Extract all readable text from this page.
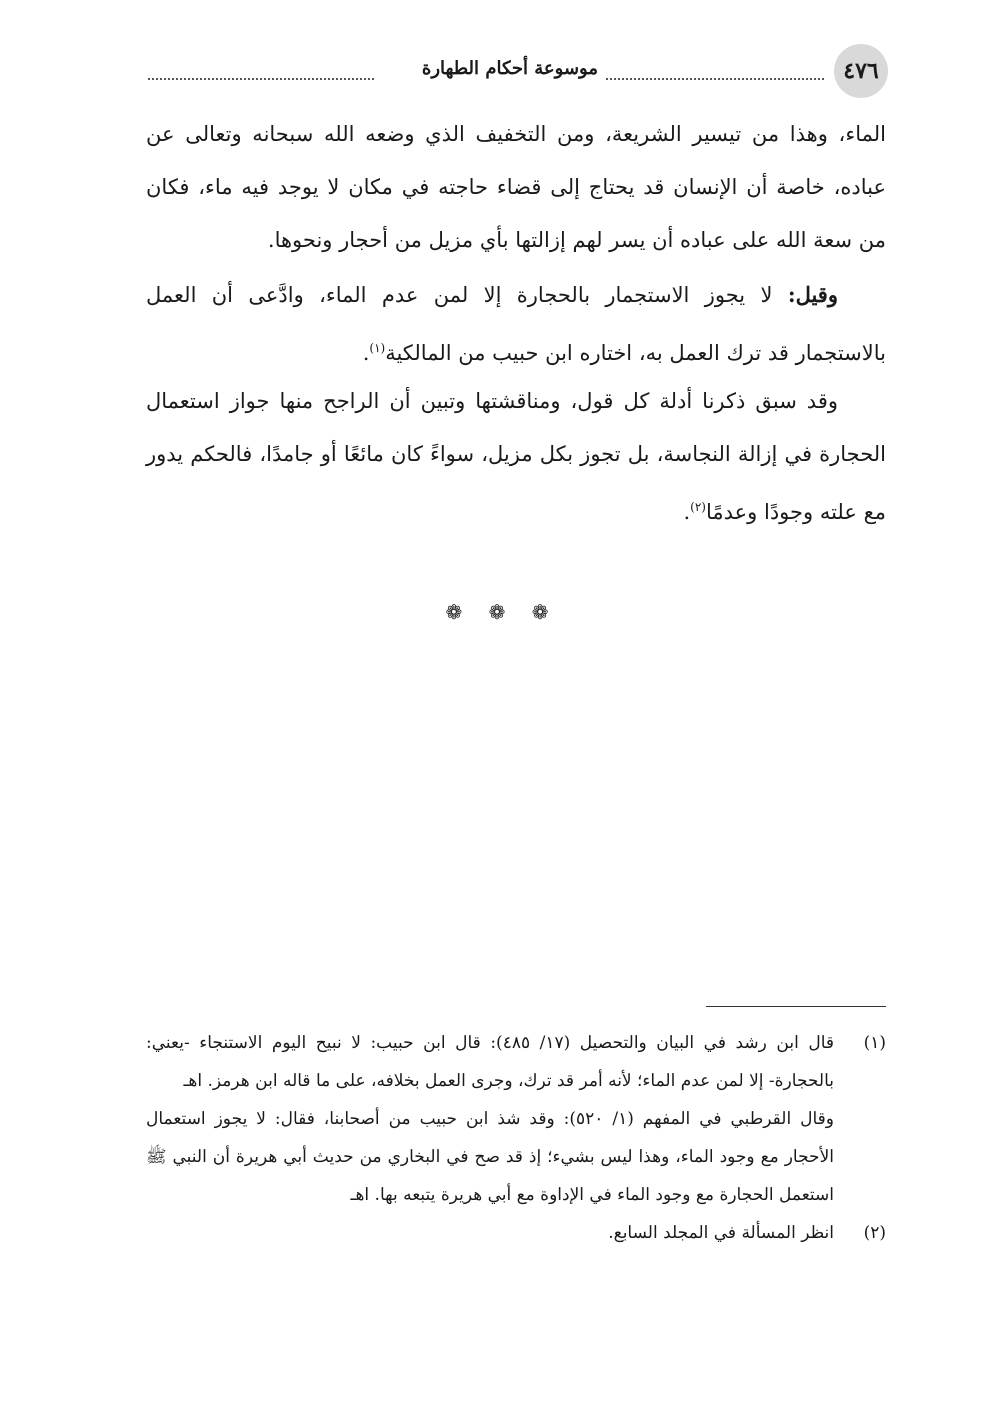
٤٧٦
موسوعة أحكام الطهارة

الماء، وهذا من تيسير الشريعة، ومن التخفيف الذي وضعه الله سبحانه وتعالى عن عباده، خاصة أن الإنسان قد يحتاج إلى قضاء حاجته في مكان لا يوجد فيه ماء، فكان من سعة الله على عباده أن يسر لهم إزالتها بأي مزيل من أحجار ونحوها.

وقيل: لا يجوز الاستجمار بالحجارة إلا لمن عدم الماء، وادَّعى أن العمل بالاستجمار قد ترك العمل به، اختاره ابن حبيب من المالكية$^{(١)}$.

وقد سبق ذكرنا أدلة كل قول، ومناقشتها وتبين أن الراجح منها جواز استعمال الحجارة في إزالة النجاسة، بل تجوز بكل مزيل، سواءً كان مائعًا أو جامدًا، فالحكم يدور مع علته وجودًا وعدمًا$^{(٢)}$.

❁ ❁ ❁
(١)

قال ابن رشد في البيان والتحصيل (١٧/ ٤٨٥): قال ابن حبيب: لا نبيح اليوم الاستنجاء -يعني: بالحجارة- إلا لمن عدم الماء؛ لأنه أمر قد ترك، وجرى العمل بخلافه، على ما قاله ابن هرمز. اهـ

وقال القرطبي في المفهم (١/ ٥٢٠): وقد شذ ابن حبيب من أصحابنا، فقال: لا يجوز استعمال الأحجار مع وجود الماء، وهذا ليس بشيء؛ إذ قد صح في البخاري من حديث أبي هريرة أن النبي ﷺ استعمل الحجارة مع وجود الماء في الإداوة مع أبي هريرة يتبعه بها. اهـ

(٢)

انظر المسألة في المجلد السابع.
